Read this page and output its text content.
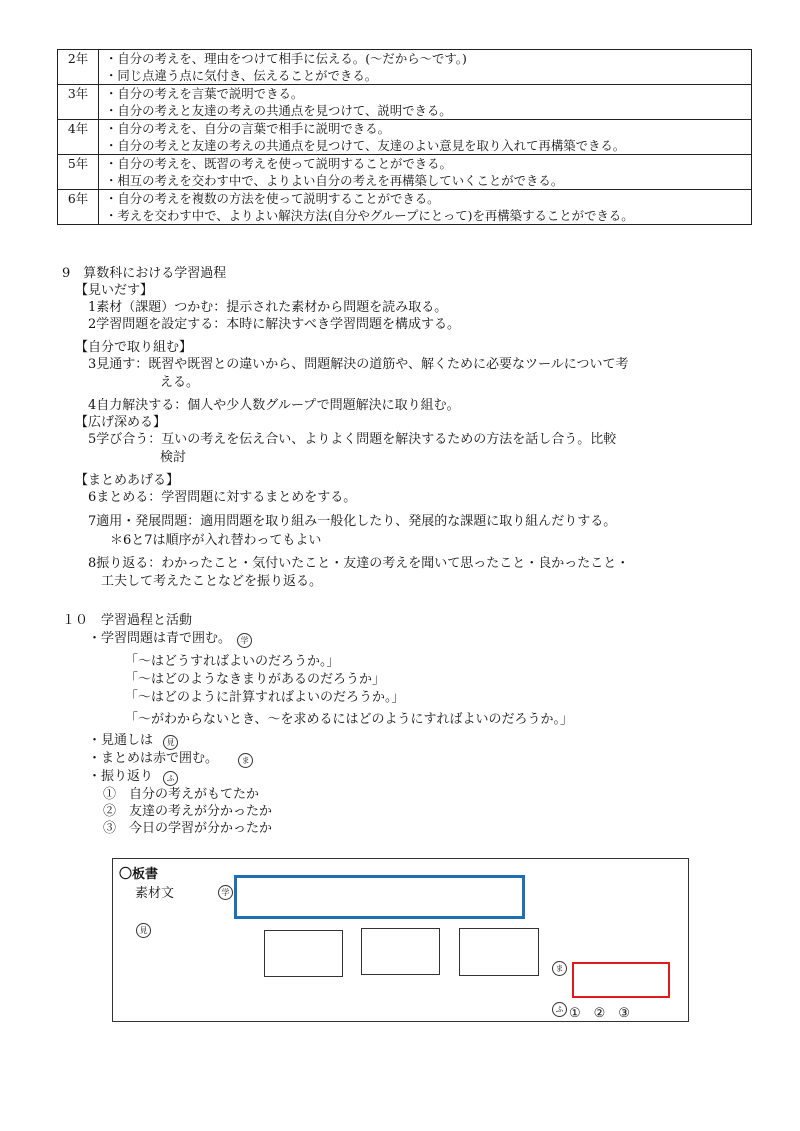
2年	・自分の考えを、理由をつけて相手に伝える。(〜だから〜です。)
・同じ点違う点に気付き、伝えることができる。

3年	・自分の考えを言葉で説明できる。
・自分の考えと友達の考えの共通点を見つけて、説明できる。

4年	・自分の考えを、自分の言葉で相手に説明できる。
・自分の考えと友達の考えの共通点を見つけて、友達のよい意見を取り入れて再構築できる。

5年	・自分の考えを、既習の考えを使って説明することができる。
・相互の考えを交わす中で、よりよい自分の考えを再構築していくことができる。

6年	・自分の考えを複数の方法を使って説明することができる。
・考えを交わす中で、よりよい解決方法(自分やグループにとって)を再構築することができる。
9　算数科における学習過程
【見いだす】
1素材（課題）つかむ：提示された素材から問題を読み取る。
2学習問題を設定する：本時に解決すべき学習問題を構成する。
【自分で取り組む】
3見通す：既習や既習との違いから、問題解決の道筋や、解くために必要なツールについて考
える。
4自力解決する：個人や少人数グループで問題解決に取り組む。
【広げ深める】
5学び合う：互いの考えを伝え合い、よりよく問題を解決するための方法を話し合う。比較
検討
【まとめあげる】
6まとめる：学習問題に対するまとめをする。
7適用・発展問題：適用問題を取り組み一般化したり、発展的な課題に取り組んだりする。
＊6と7は順序が入れ替わってもよい
8振り返る：わかったこと・気付いたこと・友達の考えを聞いて思ったこと・良かったこと・
工夫して考えたことなどを振り返る。
１０　学習過程と活動
・学習問題は青で囲む。 学
「〜はどうすればよいのだろうか。」
「〜はどのようなきまりがあるのだろうか」
「〜はどのように計算すればよいのだろうか。」
「〜がわからないとき、〜を求めるにはどのようにすればよいのだろうか。」
・見通しは 見
・まとめは赤で囲む。	ま
・振り返り ふ
①　自分の考えがもてたか
②　友達の考えが分かったか
③　今日の学習が分かったか
〇板書
素材文	学
見
ま
ふ ①　②　③
